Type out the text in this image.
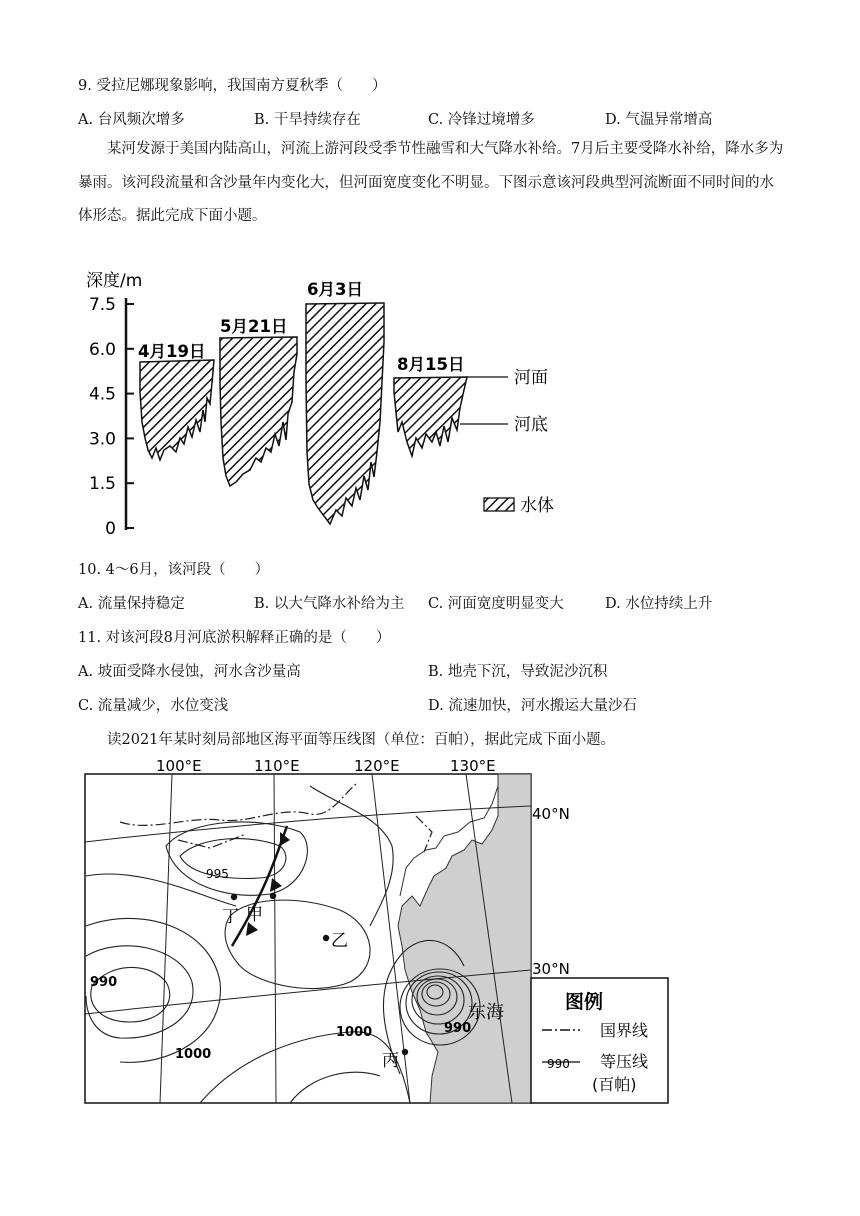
9. 受拉尼娜现象影响，我国南方夏秋季（　　）
A. 台风频次增多	B. 干旱持续存在	C. 冷锋过境增多	D. 气温异常增高
某河发源于美国内陆高山，河流上游河段受季节性融雪和大气降水补给。7月后主要受降水补给，降水多为暴雨。该河段流量和含沙量年内变化大，但河面宽度变化不明显。下图示意该河段典型河流断面不同时间的水体形态。据此完成下面小题。
深度/m
7.5
6.0
4.5
3.0
1.5
0
4月19日
5月21日
6月3日
8月15日
河面
河底
水体
10. 4～6月，该河段（　　）
A. 流量保持稳定	B. 以大气降水补给为主 C. 河面宽度明显变大	D. 水位持续上升
11. 对该河段8月河底淤积解释正确的是（　　）
A. 坡面受降水侵蚀，河水含沙量高	B. 地壳下沉，导致泥沙沉积
C. 流量减少，水位变浅	D. 流速加快，河水搬运大量沙石
读2021年某时刻局部地区海平面等压线图（单位：百帕），据此完成下面小题。
丁 甲
乙
丙
东海
995
990
1000
1000	990
100°E	110°E	120°E	130°E
40°N
30°N
图例
国界线
990 等压线
(百帕)
